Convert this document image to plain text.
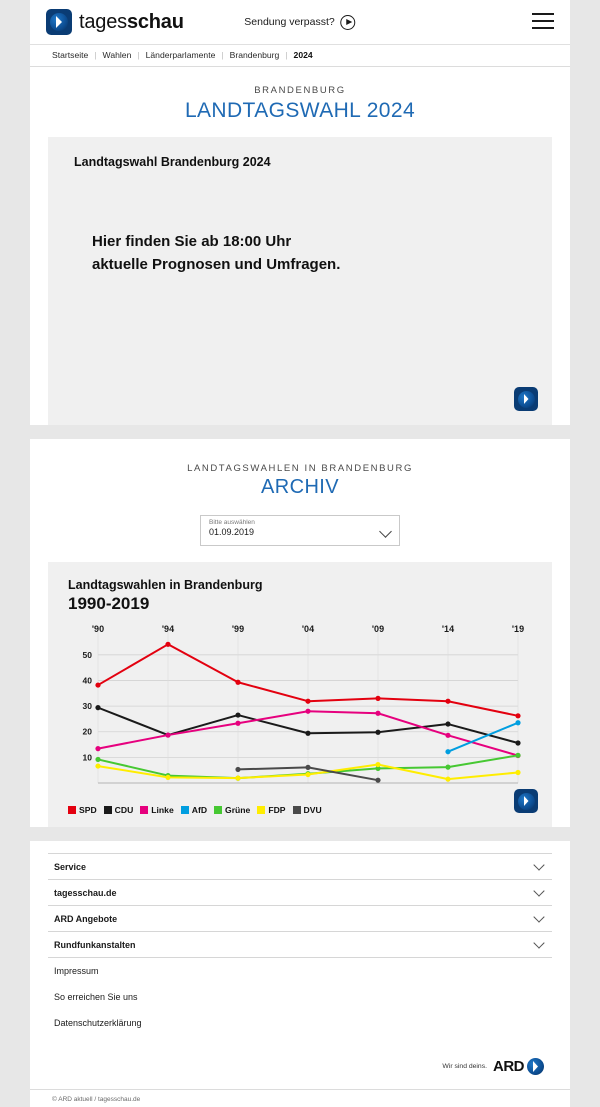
tagesschau	Sendung verpasst?
Startseite | Wahlen | Länderparlamente | Brandenburg | 2024
BRANDENBURG
LANDTAGSWAHL 2024
Landtagswahl Brandenburg 2024
Hier finden Sie ab 18:00 Uhr
aktuelle Prognosen und Umfragen.
LANDTAGSWAHLEN IN BRANDENBURG
ARCHIV
Bitte auswählen
01.09.2019
Landtagswahlen in Brandenburg
1990-2019
10
20
30
40
50
'90	'94	'99	'04	'09	'14	'19
SPD CDU Linke AfD Grüne FDP DVU
Service
tagesschau.de
ARD Angebote
Rundfunkanstalten
Impressum
So erreichen Sie uns
Datenschutzerklärung
Wir sind deins. ARD
© ARD aktuell / tagesschau.de
